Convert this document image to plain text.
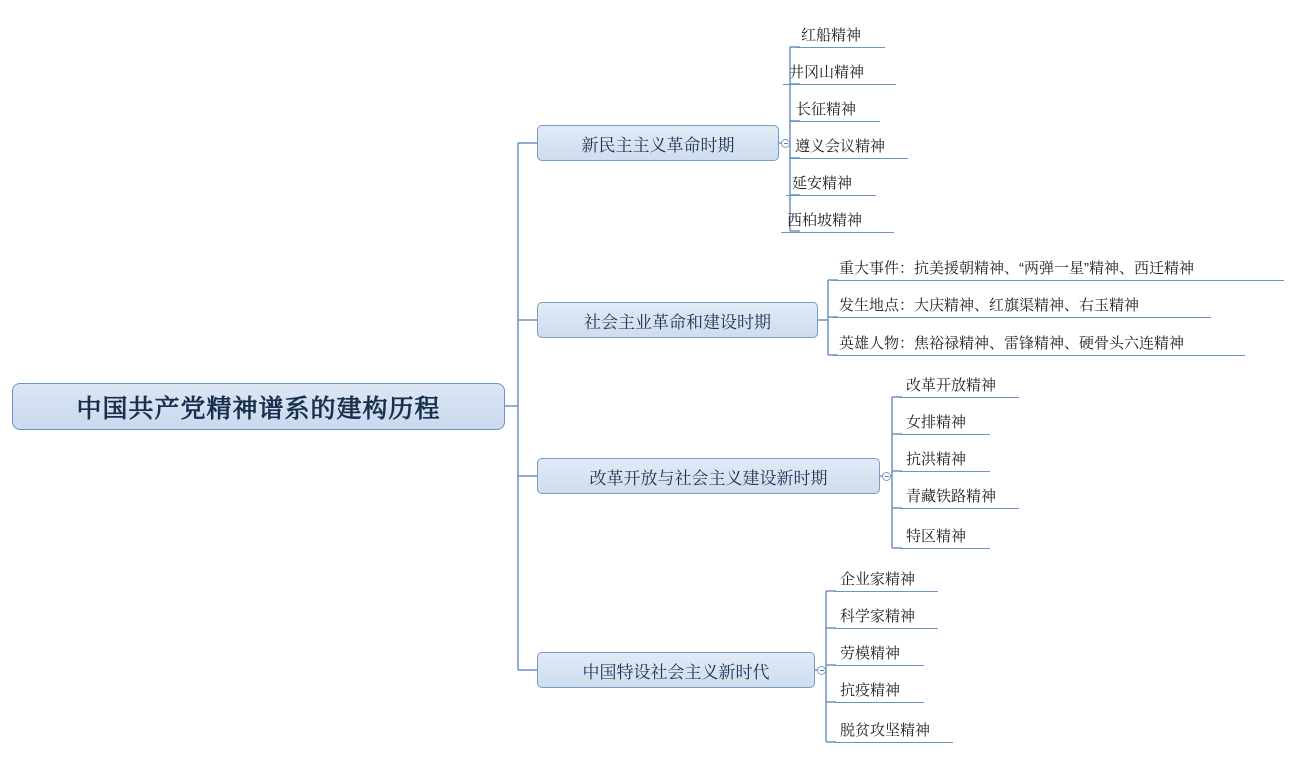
中国共产党精神谱系的建构历程
新民主主义革命时期
红船精神
井冈山精神
长征精神
遵义会议精神
延安精神
西柏坡精神
社会主业革命和建设时期
重大事件：抗美援朝精神、“两弹一星”精神、西迁精神
发生地点：大庆精神、红旗渠精神、右玉精神
英雄人物：焦裕禄精神、雷锋精神、硬骨头六连精神
改革开放与社会主义建设新时期
改革开放精神
女排精神
抗洪精神
青藏铁路精神
特区精神
中国特设社会主义新时代
企业家精神
科学家精神
劳模精神
抗疫精神
脱贫攻坚精神
